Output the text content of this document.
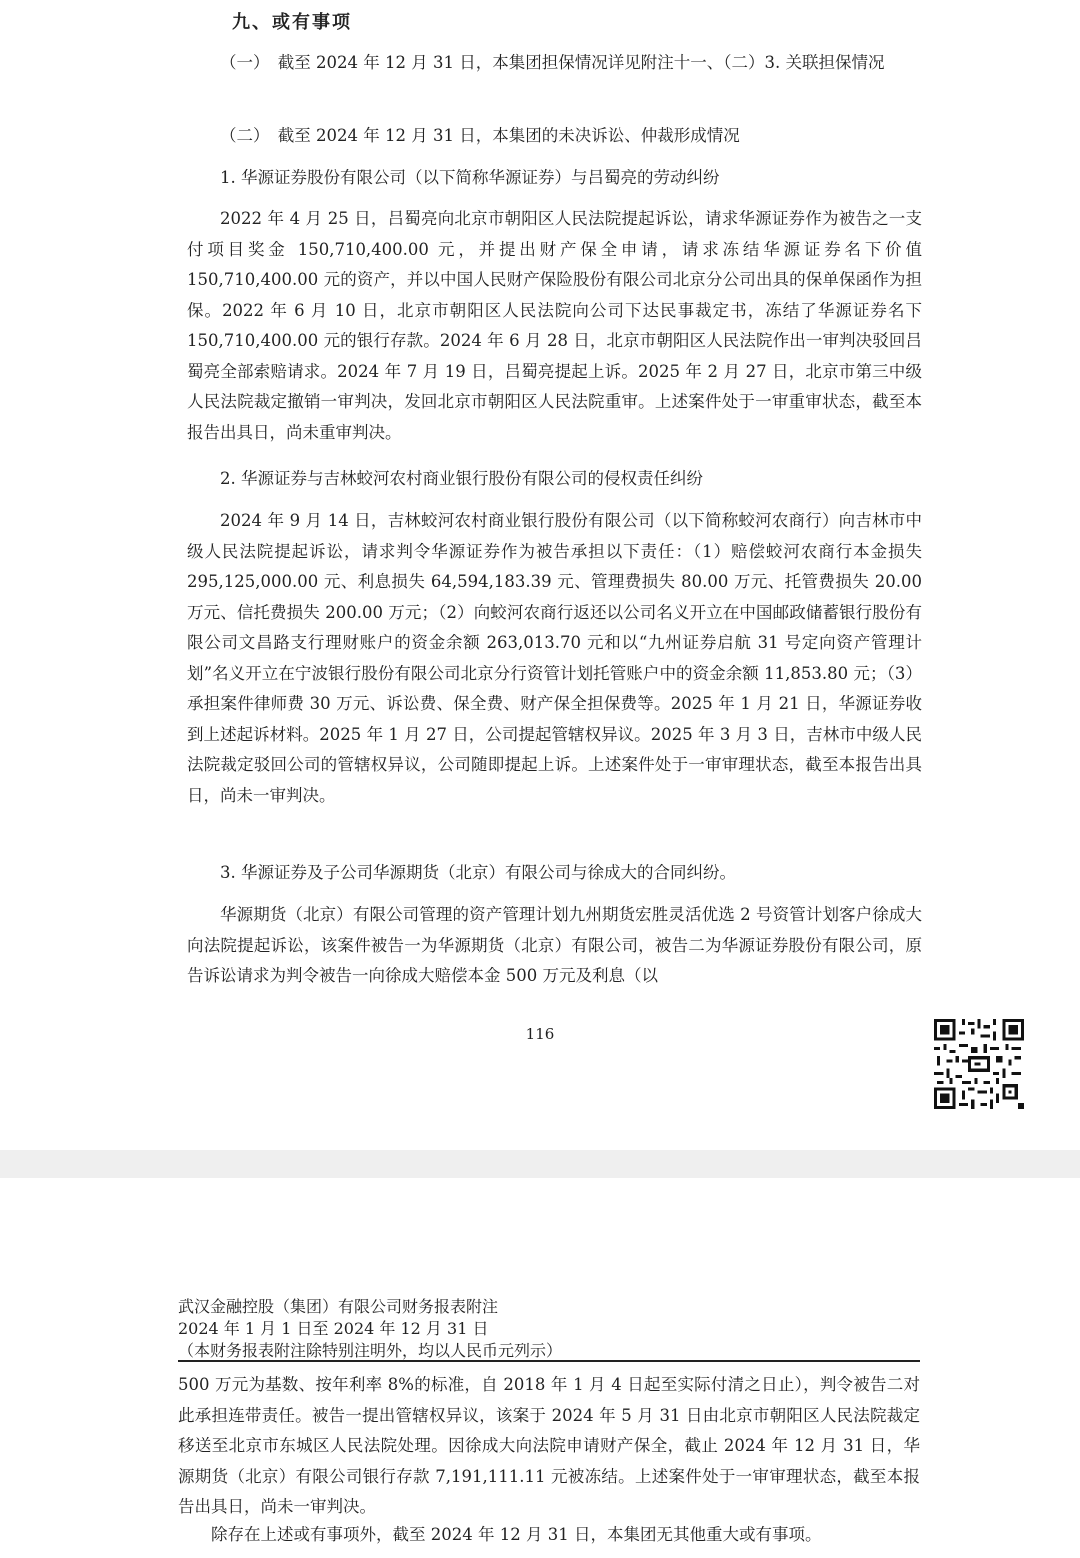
九、或有事项
（一）　截至 2024 年 12 月 31 日，本集团担保情况详见附注十一、（二）3. 关联担保情况
（二）　截至 2024 年 12 月 31 日，本集团的未决诉讼、仲裁形成情况
1. 华源证券股份有限公司（以下简称华源证券）与吕蜀亮的劳动纠纷
2022 年 4 月 25 日，吕蜀亮向北京市朝阳区人民法院提起诉讼，请求华源证券作为被告之一支付项目奖金 150,710,400.00 元，并提出财产保全申请，请求冻结华源证券名下价值 150,710,400.00 元的资产，并以中国人民财产保险股份有限公司北京分公司出具的保单保函作为担保。2022 年 6 月 10 日，北京市朝阳区人民法院向公司下达民事裁定书，冻结了华源证券名下 150,710,400.00 元的银行存款。2024 年 6 月 28 日，北京市朝阳区人民法院作出一审判决驳回吕蜀亮全部索赔请求。2024 年 7 月 19 日，吕蜀亮提起上诉。2025 年 2 月 27 日，北京市第三中级人民法院裁定撤销一审判决，发回北京市朝阳区人民法院重审。上述案件处于一审重审状态，截至本报告出具日，尚未重审判决。
2. 华源证券与吉林蛟河农村商业银行股份有限公司的侵权责任纠纷
2024 年 9 月 14 日，吉林蛟河农村商业银行股份有限公司（以下简称蛟河农商行）向吉林市中级人民法院提起诉讼，请求判令华源证券作为被告承担以下责任：（1）赔偿蛟河农商行本金损失 295,125,000.00 元、利息损失 64,594,183.39 元、管理费损失 80.00 万元、托管费损失 20.00 万元、信托费损失 200.00 万元；（2）向蛟河农商行返还以公司名义开立在中国邮政储蓄银行股份有限公司文昌路支行理财账户的资金余额 263,013.70 元和以“九州证券启航 31 号定向资产管理计划”名义开立在宁波银行股份有限公司北京分行资管计划托管账户中的资金余额 11,853.80 元；（3）承担案件律师费 30 万元、诉讼费、保全费、财产保全担保费等。2025 年 1 月 21 日，华源证券收到上述起诉材料。2025 年 1 月 27 日，公司提起管辖权异议。2025 年 3 月 3 日，吉林市中级人民法院裁定驳回公司的管辖权异议，公司随即提起上诉。上述案件处于一审审理状态，截至本报告出具日，尚未一审判决。
3. 华源证券及子公司华源期货（北京）有限公司与徐成大的合同纠纷。
华源期货（北京）有限公司管理的资产管理计划九州期货宏胜灵活优选 2 号资管计划客户徐成大向法院提起诉讼，该案件被告一为华源期货（北京）有限公司，被告二为华源证券股份有限公司，原告诉讼请求为判令被告一向徐成大赔偿本金 500 万元及利息（以
116
武汉金融控股（集团）有限公司财务报表附注
2024 年 1 月 1 日至 2024 年 12 月 31 日
（本财务报表附注除特别注明外，均以人民币元列示）
500 万元为基数、按年利率 8%的标准，自 2018 年 1 月 4 日起至实际付清之日止），判令被告二对此承担连带责任。被告一提出管辖权异议，该案于 2024 年 5 月 31 日由北京市朝阳区人民法院裁定移送至北京市东城区人民法院处理。因徐成大向法院申请财产保全，截止 2024 年 12 月 31 日，华源期货（北京）有限公司银行存款 7,191,111.11 元被冻结。上述案件处于一审审理状态，截至本报告出具日，尚未一审判决。
除存在上述或有事项外，截至 2024 年 12 月 31 日，本集团无其他重大或有事项。
